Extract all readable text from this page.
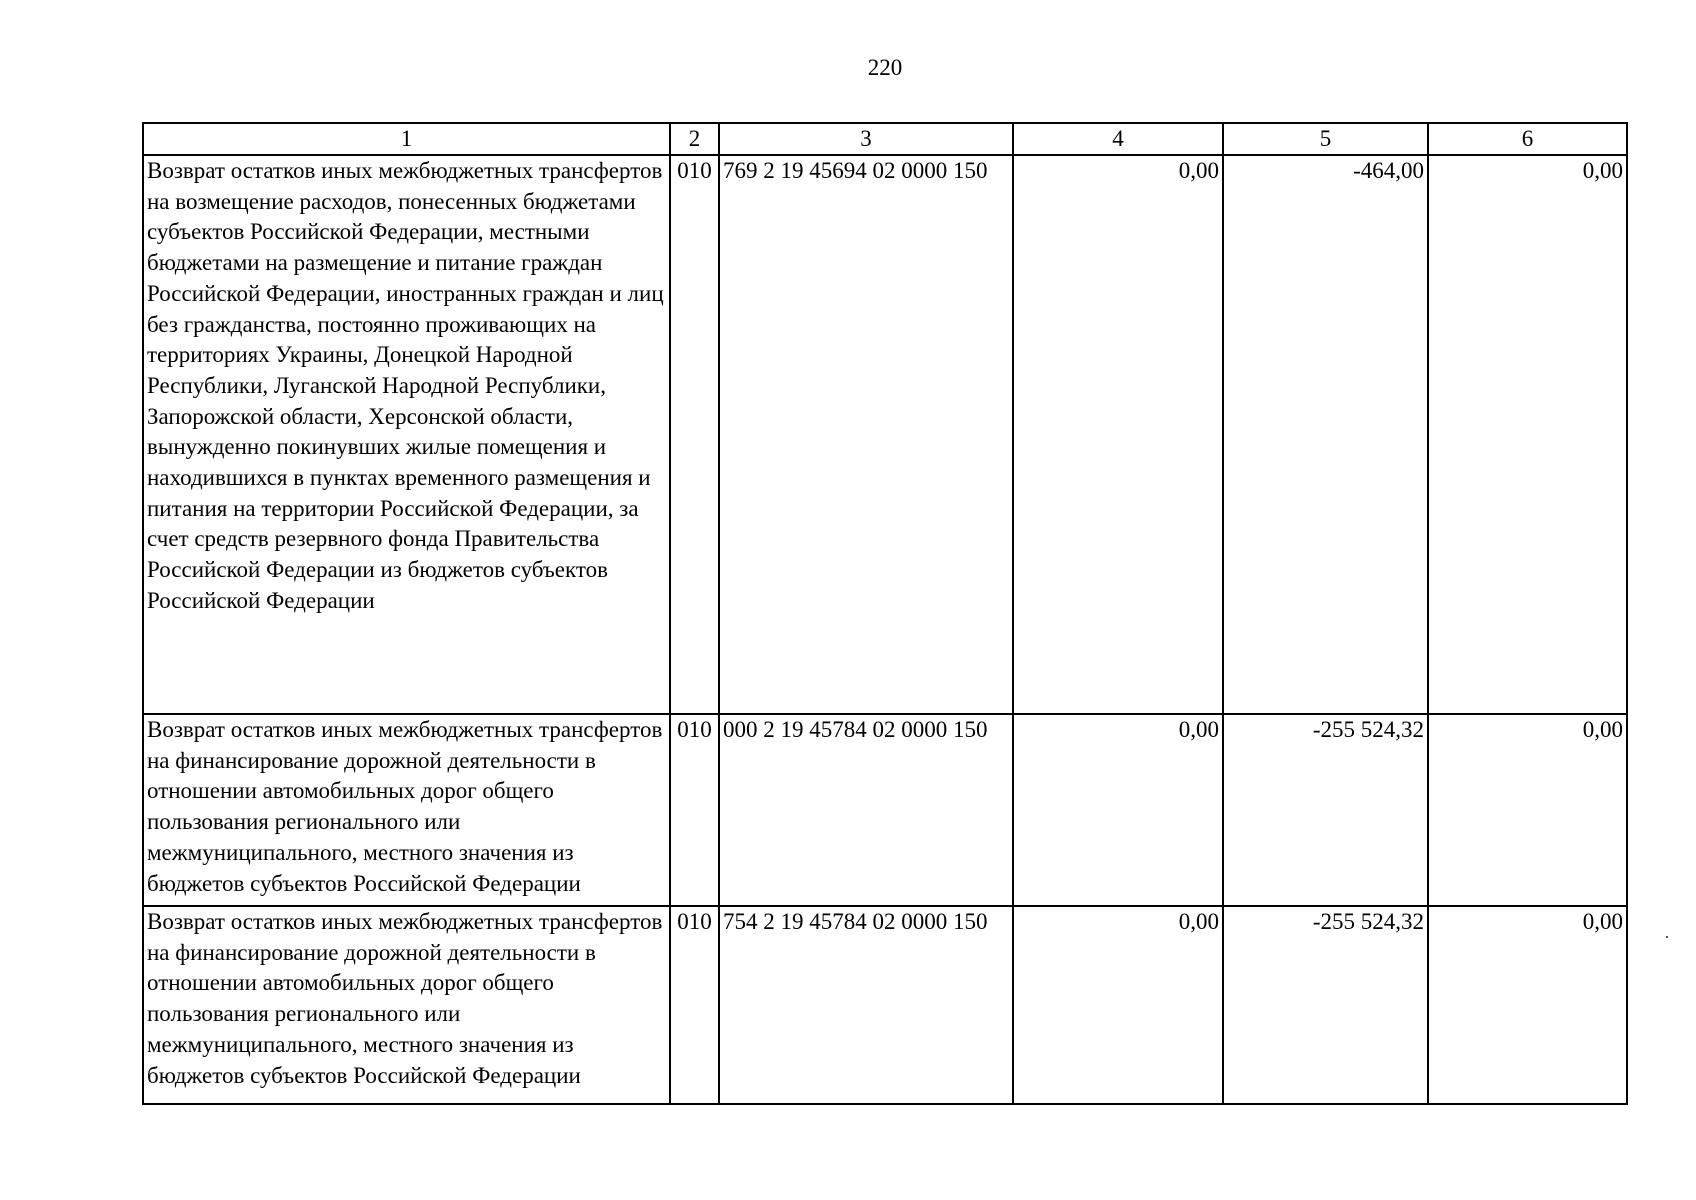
220
1	2	3	4	5	6
Возврат остатков иных межбюджетных трансфертов на возмещение расходов, понесенных бюджетами субъектов Российской Федерации, местными бюджетами на размещение и питание граждан Российской Федерации, иностранных граждан и лиц без гражданства, постоянно проживающих на территориях Украины, Донецкой Народной Республики, Луганской Народной Республики, Запорожской области, Херсонской области, вынужденно покинувших жилые помещения и находившихся в пунктах временного размещения и питания на территории Российской Федерации, за счет средств резервного фонда Правительства Российской Федерации из бюджетов субъектов Российской Федерации	010	769 2 19 45694 02 0000 150	0,00	-464,00	0,00
Возврат остатков иных межбюджетных трансфертов на финансирование дорожной деятельности в отношении автомобильных дорог общего пользования регионального или межмуниципального, местного значения из бюджетов субъектов Российской Федерации	010	000 2 19 45784 02 0000 150	0,00	-255 524,32	0,00
Возврат остатков иных межбюджетных трансфертов на финансирование дорожной деятельности в отношении автомобильных дорог общего пользования регионального или межмуниципального, местного значения из бюджетов субъектов Российской Федерации	010	754 2 19 45784 02 0000 150	0,00	-255 524,32	0,00
